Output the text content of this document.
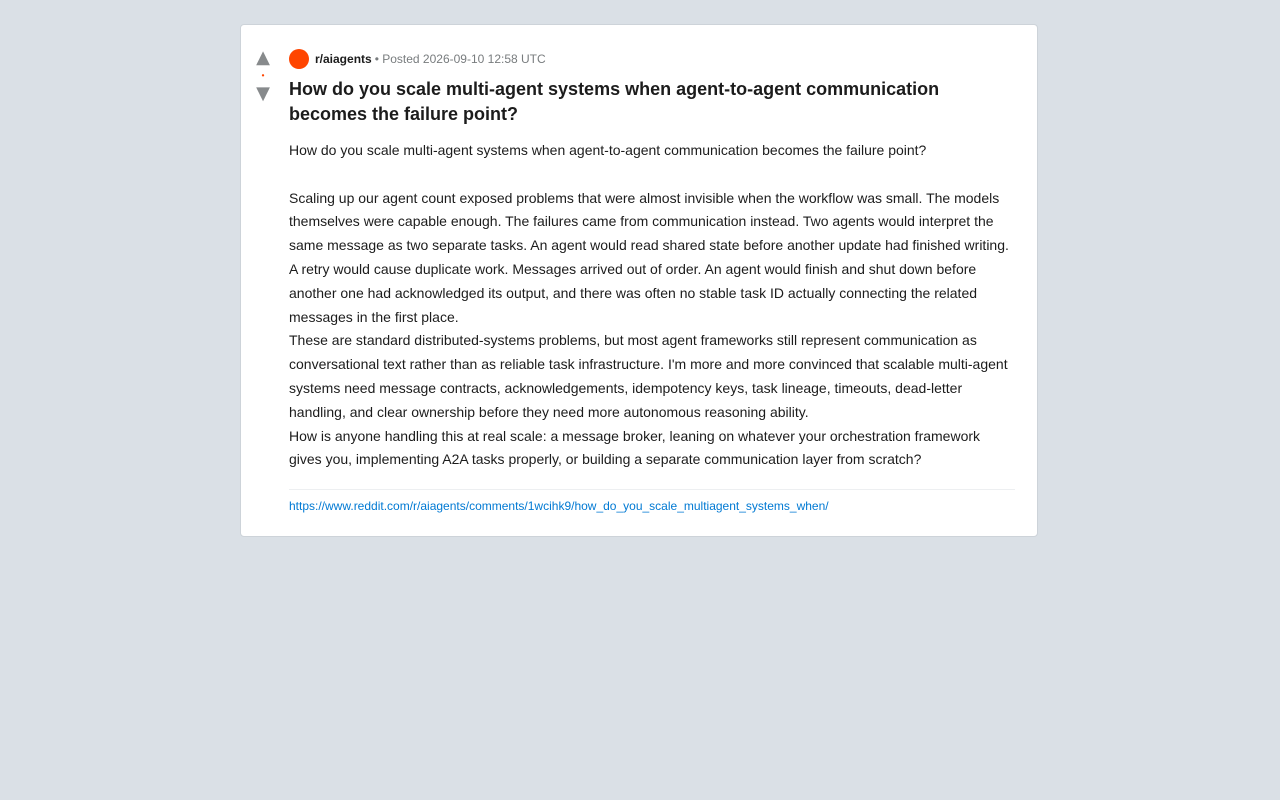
▲
•
▼
r/aiagents • Posted 2026-09-10 12:58 UTC
How do you scale multi-agent systems when agent-to-agent communication becomes the failure point?

How do you scale multi-agent systems when agent-to-agent communication becomes the failure point?

Scaling up our agent count exposed problems that were almost invisible when the workflow was small. The models themselves were capable enough. The failures came from communication instead. Two agents would interpret the same message as two separate tasks. An agent would read shared state before another update had finished writing. A retry would cause duplicate work. Messages arrived out of order. An agent would finish and shut down before another one had acknowledged its output, and there was often no stable task ID actually connecting the related messages in the first place.

These are standard distributed-systems problems, but most agent frameworks still represent communication as conversational text rather than as reliable task infrastructure. I'm more and more convinced that scalable multi-agent systems need message contracts, acknowledgements, idempotency keys, task lineage, timeouts, dead-letter handling, and clear ownership before they need more autonomous reasoning ability.

How is anyone handling this at real scale: a message broker, leaning on whatever your orchestration framework gives you, implementing A2A tasks properly, or building a separate communication layer from scratch?

https://www.reddit.com/r/aiagents/comments/1wcihk9/how_do_you_scale_multiagent_systems_when/
